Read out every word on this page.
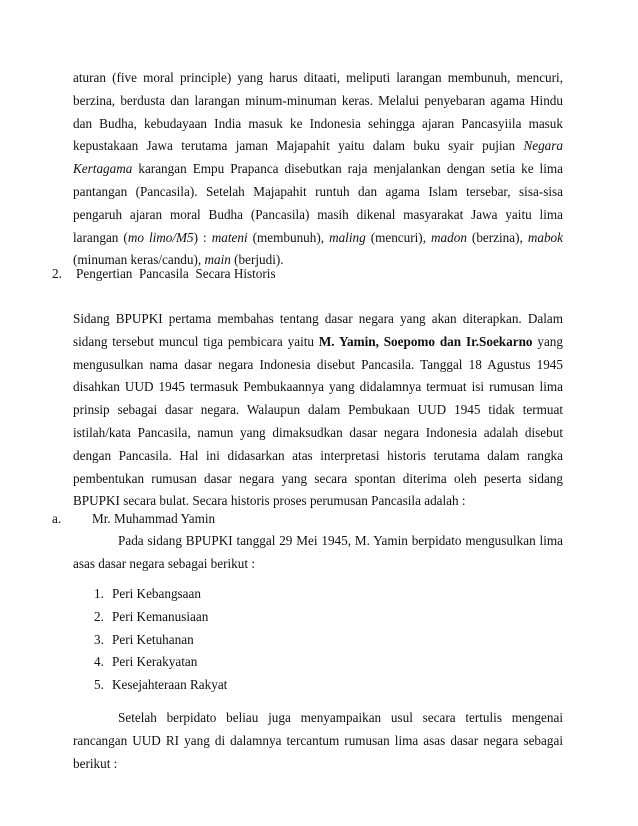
aturan (five moral principle) yang harus ditaati, meliputi larangan membunuh, mencuri, berzina, berdusta dan larangan minum-minuman keras. Melalui penyebaran agama Hindu dan Budha, kebudayaan India masuk ke Indonesia sehingga ajaran Pancasyiila masuk kepustakaan Jawa terutama jaman Majapahit yaitu dalam buku syair pujian Negara Kertagama karangan Empu Prapanca disebutkan raja menjalankan dengan setia ke lima pantangan (Pancasila). Setelah Majapahit runtuh dan agama Islam tersebar, sisa-sisa pengaruh ajaran moral Budha (Pancasila) masih dikenal masyarakat Jawa yaitu lima larangan (mo limo/M5) : mateni (membunuh), maling (mencuri), madon (berzina), mabok (minuman keras/candu), main (berjudi).

2. Pengertian  Pancasila  Secara Historis

Sidang BPUPKI pertama membahas tentang dasar negara yang akan diterapkan. Dalam sidang tersebut muncul tiga pembicara yaitu M. Yamin, Soepomo dan Ir.Soekarno yang mengusulkan nama dasar negara Indonesia disebut Pancasila. Tanggal 18 Agustus 1945 disahkan UUD 1945 termasuk Pembukaannya yang didalamnya termuat isi rumusan lima prinsip sebagai dasar negara. Walaupun dalam Pembukaan UUD 1945 tidak termuat istilah/kata Pancasila, namun yang dimaksudkan dasar negara Indonesia adalah disebut dengan Pancasila. Hal ini didasarkan atas interpretasi historis terutama dalam rangka pembentukan rumusan dasar negara yang secara spontan diterima oleh peserta sidang BPUPKI secara bulat. Secara historis proses perumusan Pancasila adalah :

a. Mr. Muhammad Yamin

Pada sidang BPUPKI tanggal 29 Mei 1945, M. Yamin berpidato mengusulkan lima asas dasar negara sebagai berikut :

1. Peri Kebangsaan
2. Peri Kemanusiaan
3. Peri Ketuhanan
4. Peri Kerakyatan
5. Kesejahteraan Rakyat

Setelah berpidato beliau juga menyampaikan usul secara tertulis mengenai rancangan UUD RI yang di dalamnya tercantum rumusan lima asas dasar negara sebagai berikut :
